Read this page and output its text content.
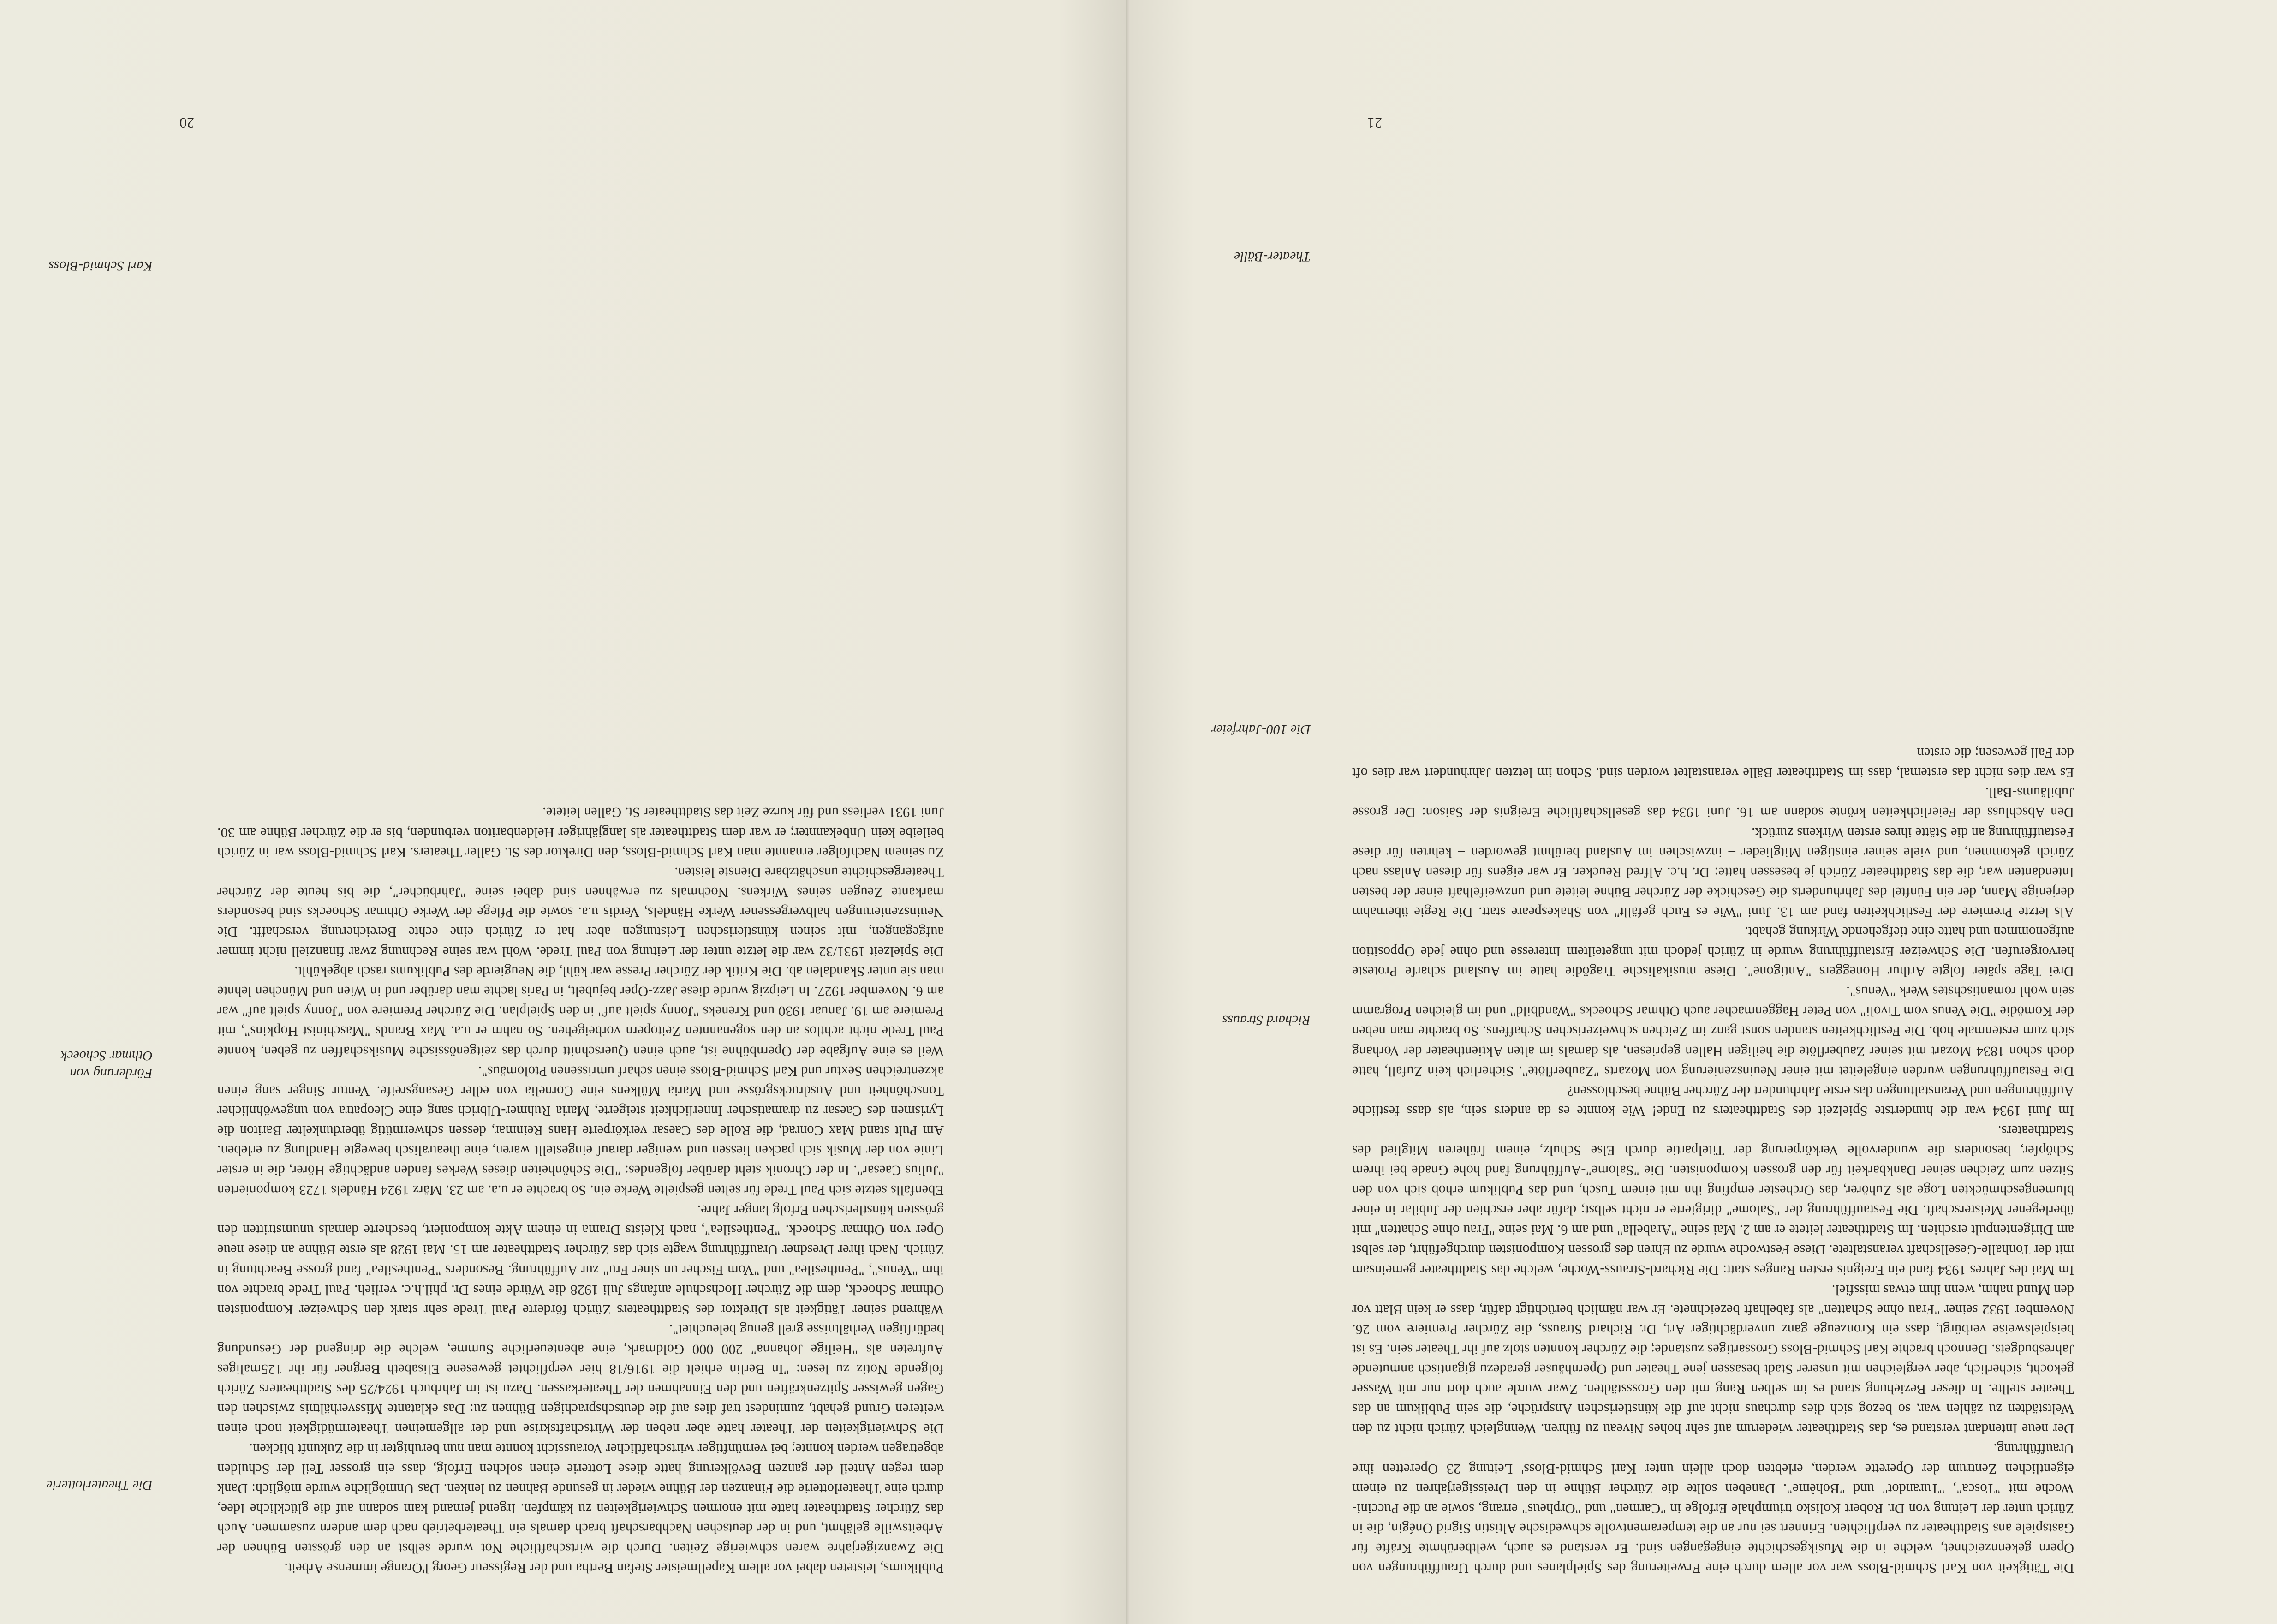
Die Tätigkeit von Karl Schmid-Bloss war vor allem durch eine Erweiterung des Spielplanes und durch Uraufführungen von Opern gekennzeichnet, welche in die Musikgeschichte eingegangen sind. Er verstand es auch, weltberühmte Kräfte für Gastspiele ans Stadttheater zu verpflichten. Erinnert sei nur an die temperamentvolle schwedische Altistin Sigrid Onégin, die in Zürich unter der Leitung von Dr. Robert Kolisko triumphale Erfolge in "Carmen" und "Orpheus" errang, sowie an die Puccini-Woche mit "Tosca", "Turandot" und "Bohème". Daneben sollte die Zürcher Bühne in den Dreissigerjahren zu einem eigentlichen Zentrum der Operette werden, erlebten doch allein unter Karl Schmid-Bloss' Leitung 23 Operetten ihre Uraufführung.

Der neue Intendant verstand es, das Stadttheater wiederum auf sehr hohes Niveau zu führen. Wenngleich Zürich nicht zu den Weltstädten zu zählen war, so bezog sich dies durchaus nicht auf die künstlerischen Ansprüche, die sein Publikum an das Theater stellte. In dieser Beziehung stand es im selben Rang mit den Grossstädten. Zwar wurde auch dort nur mit Wasser gekocht, sicherlich, aber vergleichen mit unserer Stadt besassen jene Theater und Opernhäuser geradezu gigantisch anmutende Jahresbudgets. Dennoch brachte Karl Schmid-Bloss Grossartiges zustande; die Zürcher konnten stolz auf ihr Theater sein. Es ist beispielsweise verbürgt, dass ein Kronzeuge ganz unverdächtiger Art, Dr. Richard Strauss, die Zürcher Premiere vom 26. November 1932 seiner "Frau ohne Schatten" als fabelhaft bezeichnete. Er war nämlich berüchtigt dafür, dass er kein Blatt vor den Mund nahm, wenn ihm etwas missfiel.

Im Mai des Jahres 1934 fand ein Ereignis ersten Ranges statt: Die Richard-Strauss-Woche, welche das Stadttheater gemeinsam mit der Tonhalle-Gesellschaft veranstaltete. Diese Festwoche wurde zu Ehren des grossen Komponisten durchgeführt, der selbst am Dirigentenpult erschien. Im Stadttheater leitete er am 2. Mai seine "Arabella" und am 6. Mai seine "Frau ohne Schatten" mit überlegener Meisterschaft. Die Festaufführung der "Salome" dirigierte er nicht selbst; dafür aber erschien der Jubilar in einer blumengeschmückten Loge als Zuhörer, das Orchester empfing ihn mit einem Tusch, und das Publikum erhob sich von den Sitzen zum Zeichen seiner Dankbarkeit für den grossen Komponisten. Die "Salome"-Aufführung fand hohe Gnade bei ihrem Schöpfer, besonders die wundervolle Verkörperung der Titelpartie durch Else Schulz, einem früheren Mitglied des Stadttheaters.

Im Juni 1934 war die hundertste Spielzeit des Stadttheaters zu Ende! Wie konnte es da anders sein, als dass festliche Aufführungen und Veranstaltungen das erste Jahrhundert der Zürcher Bühne beschlossen?

Die Festaufführungen wurden eingeleitet mit einer Neuinszenierung von Mozarts "Zauberflöte". Sicherlich kein Zufall, hatte doch schon 1834 Mozart mit seiner Zauberflöte die heiligen Hallen gepriesen, als damals im alten Aktientheater der Vorhang sich zum erstenmale hob. Die Festlichkeiten standen sonst ganz im Zeichen schweizerischen Schaffens. So brachte man neben der Komödie "Die Venus vom Tivoli" von Peter Haggenmacher auch Othmar Schoecks "Wandbild" und im gleichen Programm sein wohl romantischstes Werk "Venus".

Drei Tage später folgte Arthur Honeggers "Antigone". Diese musikalische Tragödie hatte im Ausland scharfe Proteste hervorgerufen. Die Schweizer Erstaufführung wurde in Zürich jedoch mit ungeteiltem Interesse und ohne jede Opposition aufgenommen und hatte eine tiefgehende Wirkung gehabt.

Als letzte Premiere der Festlichkeiten fand am 13. Juni "Wie es Euch gefällt" von Shakespeare statt. Die Regie übernahm derjenige Mann, der ein Fünftel des Jahrhunderts die Geschicke der Zürcher Bühne leitete und unzweifelhaft einer der besten Intendanten war, die das Stadttheater Zürich je besessen hatte: Dr. h.c. Alfred Reucker. Er war eigens für diesen Anlass nach Zürich gekommen, und viele seiner einstigen Mitglieder – inzwischen im Ausland berühmt geworden – kehrten für diese Festaufführung an die Stätte ihres ersten Wirkens zurück.

Den Abschluss der Feierlichkeiten krönte sodann am 16. Juni 1934 das gesellschaftliche Ereignis der Saison: Der grosse Jubiläums-Ball.

Es war dies nicht das erstemal, dass im Stadttheater Bälle veranstaltet worden sind. Schon im letzten Jahrhundert war dies oft der Fall gewesen; die ersten

Richard Strauss
Die 100-Jahrfeier
Theater-Bälle
21

Publikums, leisteten dabei vor allem Kapellmeister Stefan Bertha und der Regisseur Georg l'Orange immense Arbeit.

Die Zwanzigerjahre waren schwierige Zeiten. Durch die wirtschaftliche Not wurde selbst an den grössten Bühnen der Arbeitswille gelähmt, und in der deutschen Nachbarschaft brach damals ein Theaterbetrieb nach dem andern zusammen. Auch das Zürcher Stadttheater hatte mit enormen Schwierigkeiten zu kämpfen. Irgend jemand kam sodann auf die glückliche Idee, durch eine Theaterlotterie die Finanzen der Bühne wieder in gesunde Bahnen zu lenken. Das Unmögliche wurde möglich: Dank dem regen Anteil der ganzen Bevölkerung hatte diese Lotterie einen solchen Erfolg, dass ein grosser Teil der Schulden abgetragen werden konnte; bei vernünftiger wirtschaftlicher Voraussicht konnte man nun beruhigter in die Zukunft blicken.

Die Schwierigkeiten der Theater hatte aber neben der Wirtschaftskrise und der allgemeinen Theatermüdigkeit noch einen weiteren Grund gehabt, zumindest traf dies auf die deutschsprachigen Bühnen zu: Das eklatante Missverhältnis zwischen den Gagen gewisser Spitzenkräften und den Einnahmen der Theaterkassen. Dazu ist im Jahrbuch 1924/25 des Stadttheaters Zürich folgende Notiz zu lesen: "In Berlin erhielt die 1916/18 hier verpflichtet gewesene Elisabeth Bergner für ihr 125maliges Auftreten als "Heilige Johanna" 200 000 Goldmark, eine abenteuerliche Summe, welche die dringend der Gesundung bedürftigen Verhältnisse grell genug beleuchtet".

Während seiner Tätigkeit als Direktor des Stadttheaters Zürich förderte Paul Trede sehr stark den Schweizer Komponisten Othmar Schoeck, dem die Zürcher Hochschule anfangs Juli 1928 die Würde eines Dr. phil.h.c. verlieh. Paul Trede brachte von ihm "Venus", "Penthesilea" und "Vom Fischer un siner Fru" zur Aufführung. Besonders "Penthesilea" fand grosse Beachtung in Zürich. Nach ihrer Dresdner Uraufführung wagte sich das Zürcher Stadttheater am 15. Mai 1928 als erste Bühne an diese neue Oper von Othmar Schoeck. "Penthesilea", nach Kleists Drama in einem Akte komponiert, bescherte damals unumstritten den grössten künstlerischen Erfolg langer Jahre.

Ebenfalls setzte sich Paul Trede für selten gespielte Werke ein. So brachte er u.a. am 23. März 1924 Händels 1723 komponierten "Julius Caesar". In der Chronik steht darüber folgendes: "Die Schönheiten dieses Werkes fanden andächtige Hörer, die in erster Linie von der Musik sich packen liessen und weniger darauf eingestellt waren, eine theatralisch bewegte Handlung zu erleben. Am Pult stand Max Conrad, die Rolle des Caesar verkörperte Hans Reinmar, dessen schwermütig überdunkelter Bariton die Lyrismen des Caesar zu dramatischer Innerlichkeit steigerte, Maria Ruhmer-Ulbrich sang eine Cleopatra von ungewöhnlicher Tonschönheit und Ausdrucksgrösse und Maria Mülkens eine Cornelia von edler Gesangsreife. Ventur Singer sang einen akzentreichen Sextur und Karl Schmid-Bloss einen scharf umrissenen Ptolomäus".

Weil es eine Aufgabe der Opernbühne ist, auch einen Querschnitt durch das zeitgenössische Musikschaffen zu geben, konnte Paul Trede nicht achtlos an den sogenannten Zeitopern vorbeigehen. So nahm er u.a. Max Brands "Maschinist Hopkins", mit Premiere am 19. Januar 1930 und Kreneks "Jonny spielt auf" in den Spielplan. Die Zürcher Premiere von "Jonny spielt auf" war am 6. November 1927. In Leipzig wurde diese Jazz-Oper bejubelt, in Paris lachte man darüber und in Wien und München lehnte man sie unter Skandalen ab. Die Kritik der Zürcher Presse war kühl, die Neugierde des Publikums rasch abgekühlt.

Die Spielzeit 1931/32 war die letzte unter der Leitung von Paul Trede. Wohl war seine Rechnung zwar finanziell nicht immer aufgegangen, mit seinen künstlerischen Leistungen aber hat er Zürich eine echte Bereicherung verschafft. Die Neuinszenierungen halbvergessener Werke Händels, Verdis u.a. sowie die Pflege der Werke Othmar Schoecks sind besonders markante Zeugen seines Wirkens. Nochmals zu erwähnen sind dabei seine "Jahrbücher", die bis heute der Zürcher Theatergeschichte unschätzbare Dienste leisten.

Zu seinem Nachfolger ernannte man Karl Schmid-Bloss, den Direktor des St. Galler Theaters. Karl Schmid-Bloss war in Zürich beileibe kein Unbekannter; er war dem Stadttheater als langjähriger Heldenbariton verbunden, bis er die Zürcher Bühne am 30. Juni 1931 verliess und für kurze Zeit das Stadttheater St. Gallen leitete.

Die Theaterlotterie
Förderung von
Othmar Schoeck
Karl Schmid-Bloss
20
